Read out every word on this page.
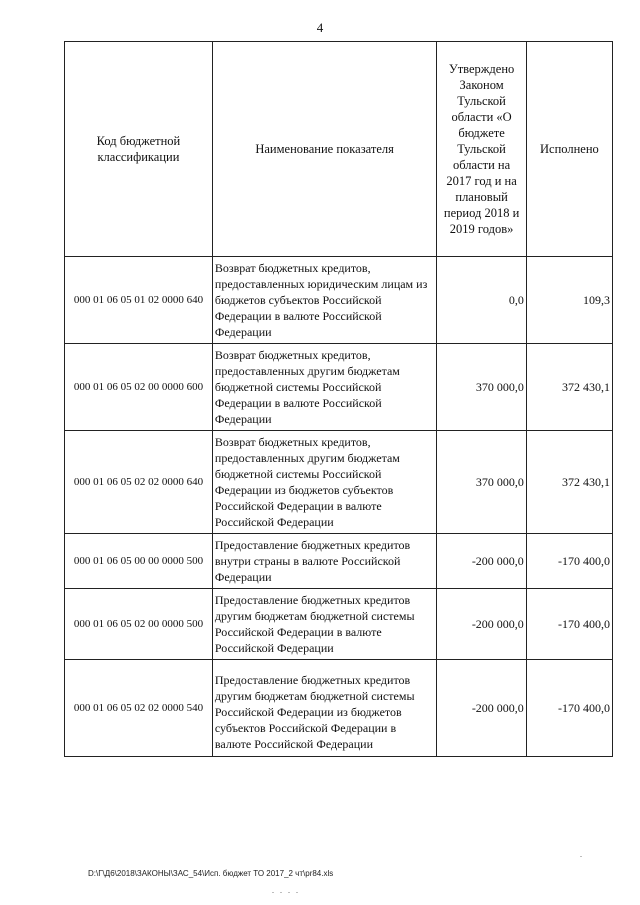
4
Код бюджетной классификации	Наименование показателя	Утверждено Законом Тульской области «О бюджете Тульской области на 2017 год и на плановый период 2018 и 2019 годов»	Исполнено
000 01 06 05 01 02 0000 640	Возврат бюджетных кредитов, предоставленных юридическим лицам из бюджетов субъектов Российской Федерации в валюте Российской Федерации	0,0	109,3
000 01 06 05 02 00 0000 600	Возврат бюджетных кредитов, предоставленных другим бюджетам бюджетной системы Российской Федерации в валюте Российской Федерации	370 000,0	372 430,1
000 01 06 05 02 02 0000 640	Возврат бюджетных кредитов, предоставленных другим бюджетам бюджетной системы Российской Федерации из бюджетов субъектов Российской Федерации в валюте Российской Федерации	370 000,0	372 430,1
000 01 06 05 00 00 0000 500	Предоставление бюджетных кредитов внутри страны в валюте Российской Федерации	-200 000,0	-170 400,0
000 01 06 05 02 00 0000 500	Предоставление бюджетных кредитов другим бюджетам бюджетной системы Российской Федерации в валюте Российской Федерации	-200 000,0	-170 400,0
000 01 06 05 02 02 0000 540	Предоставление бюджетных кредитов другим бюджетам бюджетной системы Российской Федерации из бюджетов субъектов Российской Федерации в валюте Российской Федерации	-200 000,0	-170 400,0
.
. . . .
D:\Г\Д6\2018\ЗАКОНЫ\ЗАС_54\Исп. бюджет ТО 2017_2 чт\pr84.xls
